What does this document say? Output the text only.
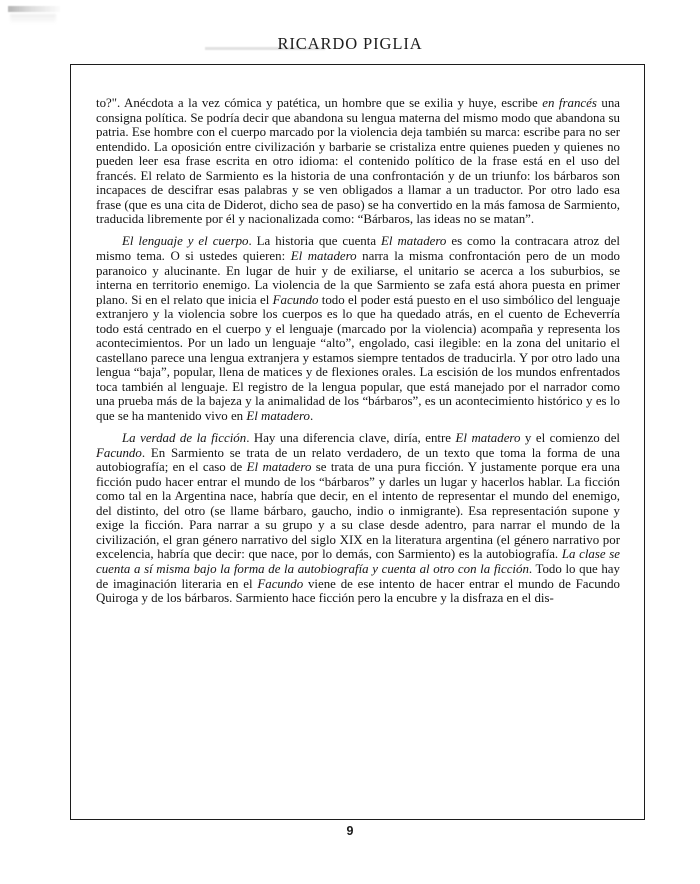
RICARDO PIGLIA

to?". Anécdota a la vez cómica y patética, un hombre que se exilia y huye, escribe en francés una consigna política. Se podría decir que abandona su lengua materna del mismo modo que abandona su patria. Ese hombre con el cuerpo marcado por la violencia deja también su marca: escribe para no ser entendido. La oposición entre civilización y barbarie se cristaliza entre quienes pueden y quienes no pueden leer esa frase escrita en otro idioma: el contenido político de la frase está en el uso del francés. El relato de Sarmiento es la historia de una confrontación y de un triunfo: los bárbaros son incapaces de descifrar esas palabras y se ven obligados a llamar a un traductor. Por otro lado esa frase (que es una cita de Diderot, dicho sea de paso) se ha convertido en la más famosa de Sarmiento, traducida libremente por él y nacionalizada como: “Bárbaros, las ideas no se matan”.

El lenguaje y el cuerpo. La historia que cuenta El matadero es como la contracara atroz del mismo tema. O si ustedes quieren: El matadero narra la misma confrontación pero de un modo paranoico y alucinante. En lugar de huir y de exiliarse, el unitario se acerca a los suburbios, se interna en territorio enemigo. La violencia de la que Sarmiento se zafa está ahora puesta en primer plano. Si en el relato que inicia el Facundo todo el poder está puesto en el uso simbólico del lenguaje extranjero y la violencia sobre los cuerpos es lo que ha quedado atrás, en el cuento de Echeverría todo está centrado en el cuerpo y el lenguaje (marcado por la violencia) acompaña y representa los acontecimientos. Por un lado un lenguaje “alto”, engolado, casi ilegible: en la zona del unitario el castellano parece una lengua extranjera y estamos siempre tentados de traducirla. Y por otro lado una lengua “baja”, popular, llena de matices y de flexiones orales. La escisión de los mundos enfrentados toca también al lenguaje. El registro de la lengua popular, que está manejado por el narrador como una prueba más de la bajeza y la animalidad de los “bárbaros”, es un acontecimiento histórico y es lo que se ha mantenido vivo en El matadero.

La verdad de la ficción. Hay una diferencia clave, diría, entre El matadero y el comienzo del Facundo. En Sarmiento se trata de un relato verdadero, de un texto que toma la forma de una autobiografía; en el caso de El matadero se trata de una pura ficción. Y justamente porque era una ficción pudo hacer entrar el mundo de los “bárbaros” y darles un lugar y hacerlos hablar. La ficción como tal en la Argentina nace, habría que decir, en el intento de representar el mundo del enemigo, del distinto, del otro (se llame bárbaro, gaucho, indio o inmigrante). Esa representación supone y exige la ficción. Para narrar a su grupo y a su clase desde adentro, para narrar el mundo de la civilización, el gran género narrativo del siglo XIX en la literatura argentina (el género narrativo por excelencia, habría que decir: que nace, por lo demás, con Sarmiento) es la autobiografía. La clase se cuenta a sí misma bajo la forma de la autobiografía y cuenta al otro con la ficción. Todo lo que hay de imaginación literaria en el Facundo viene de ese intento de hacer entrar el mundo de Facundo Quiroga y de los bárbaros. Sarmiento hace ficción pero la encubre y la disfraza en el dis-

9
